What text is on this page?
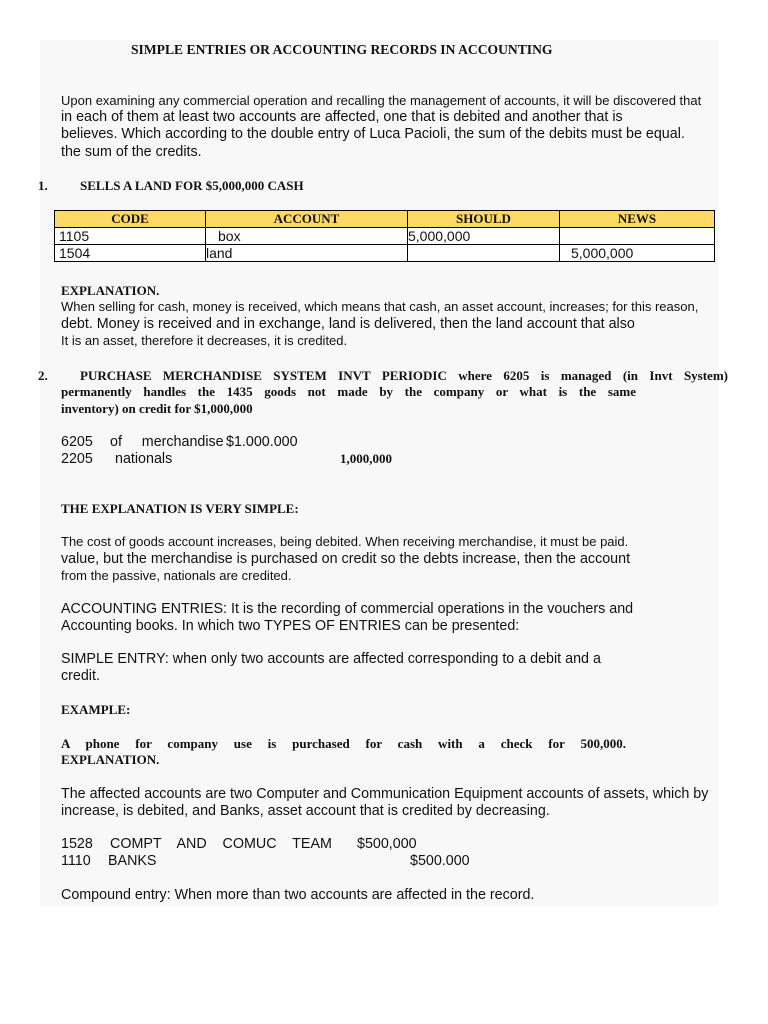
SIMPLE ENTRIES OR ACCOUNTING RECORDS IN ACCOUNTING
Upon examining any commercial operation and recalling the management of accounts, it will be discovered that
in each of them at least two accounts are affected, one that is debited and another that is
believes. Which according to the double entry of Luca Pacioli, the sum of the debits must be equal.
the sum of the credits.
1. SELLS A LAND FOR $5,000,000 CASH
CODE	ACCOUNT	SHOULD	NEWS
1105	box	5,000,000	
1504	land		5,000,000
EXPLANATION.
When selling for cash, money is received, which means that cash, an asset account, increases; for this reason,
debt. Money is received and in exchange, land is delivered, then the land account that also
It is an asset, therefore it decreases, it is credited.
2. PURCHASE MERCHANDISE SYSTEM INVT PERIODIC where 6205 is managed (in Invt System)
permanently handles the 1435 goods not made by the company or what is the same
inventory) on credit for $1,000,000
6205 of     merchandise $1.000.000
2205 nationals	1,000,000
THE EXPLANATION IS VERY SIMPLE:
The cost of goods account increases, being debited. When receiving merchandise, it must be paid.
value, but the merchandise is purchased on credit so the debts increase, then the account
from the passive, nationals are credited.
ACCOUNTING ENTRIES: It is the recording of commercial operations in the vouchers and
Accounting books. In which two TYPES OF ENTRIES can be presented:
SIMPLE ENTRY: when only two accounts are affected corresponding to a debit and a
credit.
EXAMPLE:
A phone for company use is purchased for cash with a check for 500,000.
EXPLANATION.
The affected accounts are two Computer and Communication Equipment accounts of assets, which by
increase, is debited, and Banks, asset account that is credited by decreasing.
1528 COMPT    AND    COMUC    TEAM $500,000
1110 BANKS	$500.000
Compound entry: When more than two accounts are affected in the record.
